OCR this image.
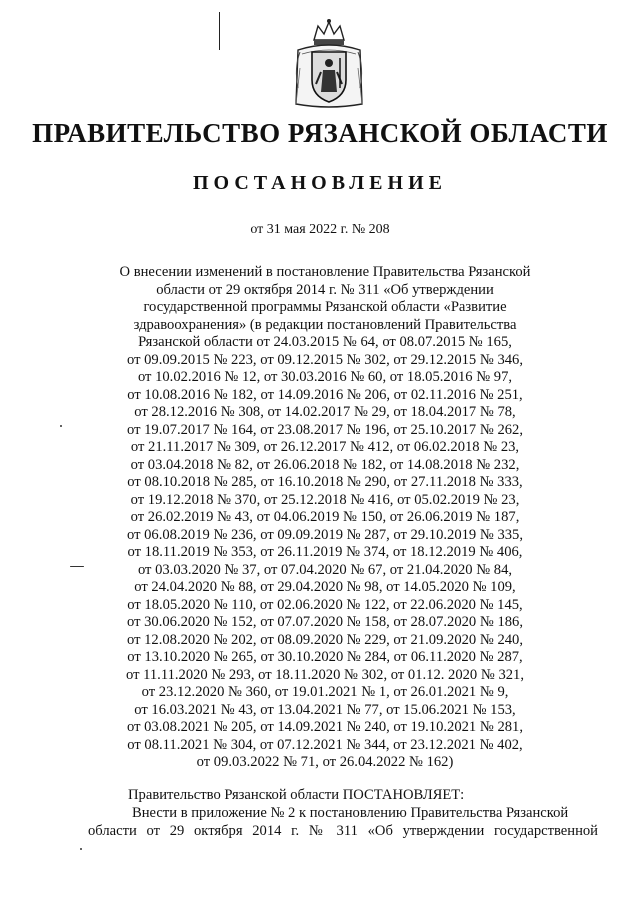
ПРАВИТЕЛЬСТВО РЯЗАНСКОЙ ОБЛАСТИ
ПОСТАНОВЛЕНИЕ
от 31 мая 2022 г. № 208
О внесении изменений в постановление Правительства Рязанской
области от 29 октября 2014 г. № 311 «Об утверждении
государственной программы Рязанской области «Развитие
здравоохранения» (в редакции постановлений Правительства
Рязанской области от 24.03.2015 № 64, от 08.07.2015 № 165,
от 09.09.2015 № 223, от 09.12.2015 № 302, от 29.12.2015 № 346,
от 10.02.2016 № 12, от 30.03.2016 № 60, от 18.05.2016 № 97,
от 10.08.2016 № 182, от 14.09.2016 № 206, от 02.11.2016 № 251,
от 28.12.2016 № 308, от 14.02.2017 № 29, от 18.04.2017 № 78,
от 19.07.2017 № 164, от 23.08.2017 № 196, от 25.10.2017 № 262,
от 21.11.2017 № 309, от 26.12.2017 № 412, от 06.02.2018 № 23,
от 03.04.2018 № 82, от 26.06.2018 № 182, от 14.08.2018 № 232,
от 08.10.2018 № 285, от 16.10.2018 № 290, от 27.11.2018 № 333,
от 19.12.2018 № 370, от 25.12.2018 № 416, от 05.02.2019 № 23,
от 26.02.2019 № 43, от 04.06.2019 № 150, от 26.06.2019 № 187,
от 06.08.2019 № 236, от 09.09.2019 № 287, от 29.10.2019 № 335,
от 18.11.2019 № 353, от 26.11.2019 № 374, от 18.12.2019 № 406,
от 03.03.2020 № 37, от 07.04.2020 № 67, от 21.04.2020 № 84,
от 24.04.2020 № 88, от 29.04.2020 № 98, от 14.05.2020 № 109,
от 18.05.2020 № 110, от 02.06.2020 № 122, от 22.06.2020 № 145,
от 30.06.2020 № 152, от 07.07.2020 № 158, от 28.07.2020 № 186,
от 12.08.2020 № 202, от 08.09.2020 № 229, от 21.09.2020 № 240,
от 13.10.2020 № 265, от 30.10.2020 № 284, от 06.11.2020 № 287,
от 11.11.2020 № 293, от 18.11.2020 № 302, от 01.12. 2020 № 321,
от 23.12.2020 № 360, от 19.01.2021 № 1, от 26.01.2021 № 9,
от 16.03.2021 № 43, от 13.04.2021 № 77, от 15.06.2021 № 153,
от 03.08.2021 № 205, от 14.09.2021 № 240, от 19.10.2021 № 281,
от 08.11.2021 № 304, от 07.12.2021 № 344, от 23.12.2021 № 402,
от 09.03.2022 № 71, от 26.04.2022 № 162)
Правительство Рязанской области ПОСТАНОВЛЯЕТ:
Внести в приложение № 2 к постановлению Правительства Рязанской
области от 29 октября 2014 г. № 311 «Об утверждении государственной
